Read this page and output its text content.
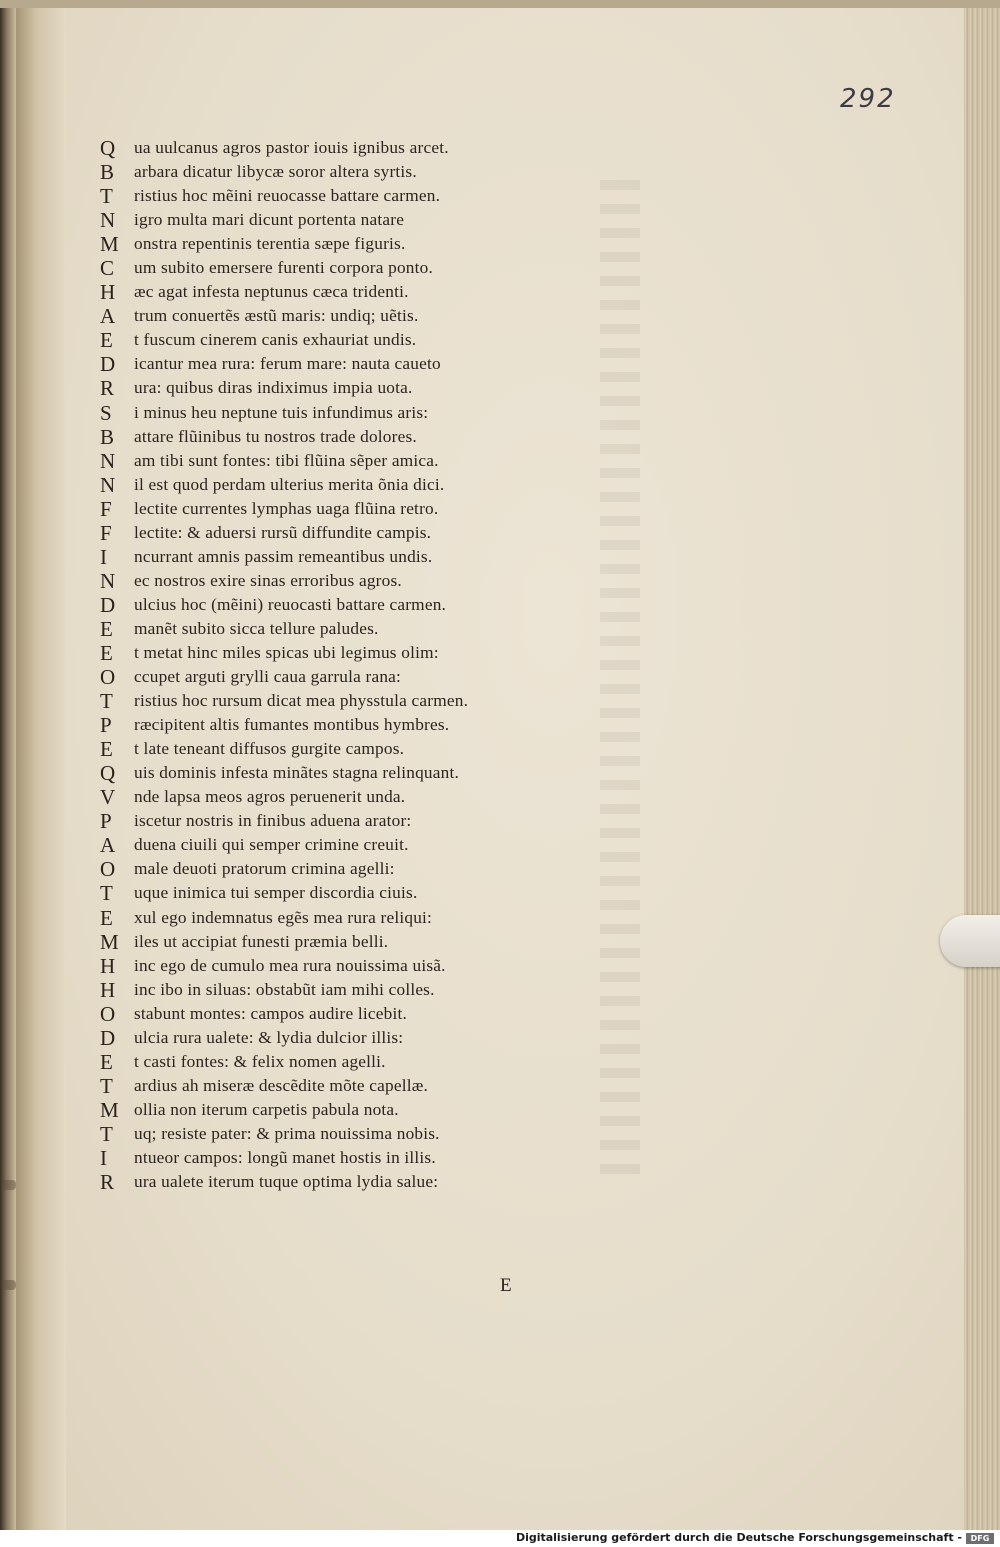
292
Q	ua uulcanus agros pastor iouis ignibus arcet.
B	arbara dicatur libycæ soror altera syrtis.
T	ristius hoc mẽini reuocasse battare carmen.
N	igro multa mari dicunt portenta natare
M onstra repentinis terentia sæpe figuris.
C	um subito emersere furenti corpora ponto.
H	æc agat infesta neptunus cæca tridenti.
A	trum conuertẽs æstũ maris: undiq; uẽtis.
E	t fuscum cinerem canis exhauriat undis.
D	icantur mea rura: ferum mare: nauta caueto
R	ura: quibus diras indiximus impia uota.
S	i minus heu neptune tuis infundimus aris:
B	attare flũinibus tu nostros trade dolores.
N	am tibi sunt fontes: tibi flũina sẽper amica.
N	il est quod perdam ulterius merita õnia dici.
F	lectite currentes lymphas uaga flũina retro.
F	lectite: & aduersi rursũ diffundite campis.
I	ncurrant amnis passim remeantibus undis.
N	ec nostros exire sinas erroribus agros.
D	ulcius hoc (mẽini) reuocasti battare carmen.
E	manẽt subito sicca tellure paludes.
E	t metat hinc miles spicas ubi legimus olim:
O	ccupet arguti grylli caua garrula rana:
T	ristius hoc rursum dicat mea physstula carmen.
P	ræcipitent altis fumantes montibus hymbres.
E	t late teneant diffusos gurgite campos.
Q	uis dominis infesta minãtes stagna relinquant.
V	nde lapsa meos agros peruenerit unda.
P	iscetur nostris in finibus aduena arator:
A	duena ciuili qui semper crimine creuit.
O	male deuoti pratorum crimina agelli:
T	uque inimica tui semper discordia ciuis.
E	xul ego indemnatus egẽs mea rura reliqui:
M iles ut accipiat funesti præmia belli.
H	inc ego de cumulo mea rura nouissima uisã.
H	inc ibo in siluas: obstabũt iam mihi colles.
O	stabunt montes: campos audire licebit.
D	ulcia rura ualete: & lydia dulcior illis:
E	t casti fontes: & felix nomen agelli.
T	ardius ah miseræ descẽdite mõte capellæ.
M ollia non iterum carpetis pabula nota.
T	uq; resiste pater: & prima nouissima nobis.
I	ntueor campos: longũ manet hostis in illis.
R	ura ualete iterum tuque optima lydia salue:
E
Digitalisierung gefördert durch die Deutsche Forschungsgemeinschaft -	DFG
